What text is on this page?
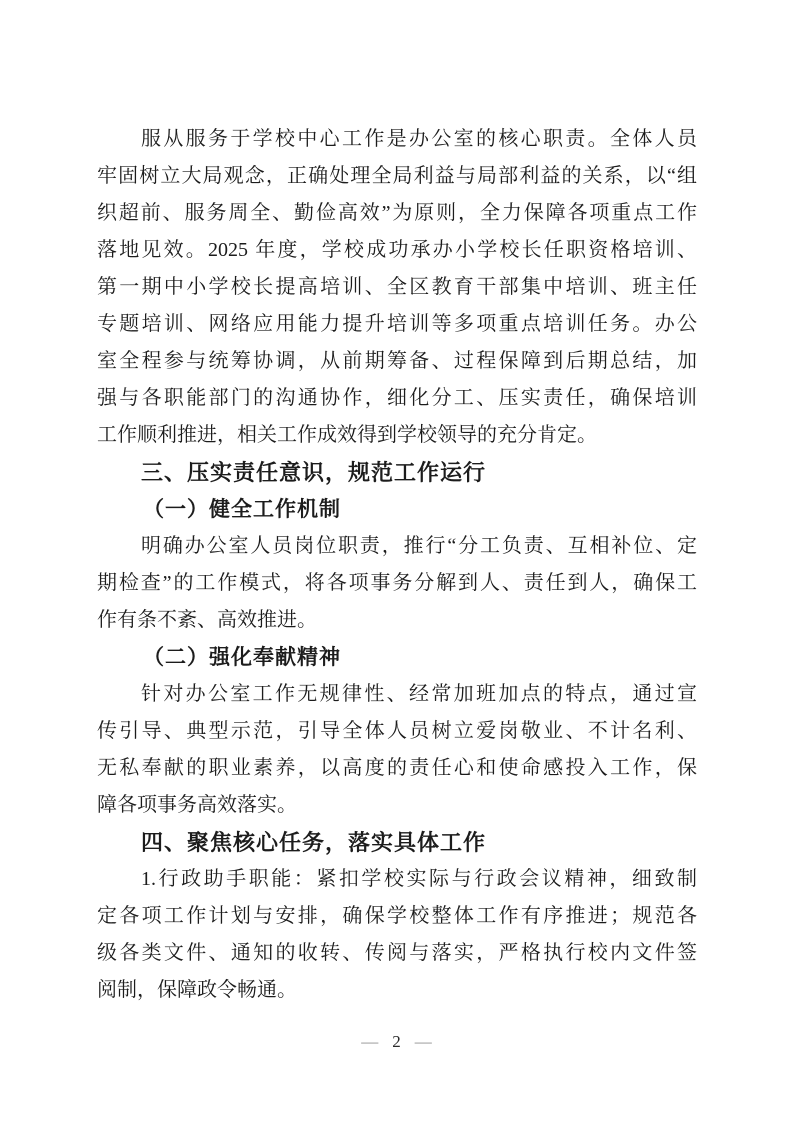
服从服务于学校中心工作是办公室的核心职责。全体人员
牢固树立大局观念，正确处理全局利益与局部利益的关系，以“组
织超前、服务周全、勤俭高效”为原则，全力保障各项重点工作
落地见效。2025 年度，学校成功承办小学校长任职资格培训、
第一期中小学校长提高培训、全区教育干部集中培训、班主任
专题培训、网络应用能力提升培训等多项重点培训任务。办公
室全程参与统筹协调，从前期筹备、过程保障到后期总结，加
强与各职能部门的沟通协作，细化分工、压实责任，确保培训
工作顺利推进，相关工作成效得到学校领导的充分肯定。
三、压实责任意识，规范工作运行
（一）健全工作机制
明确办公室人员岗位职责，推行“分工负责、互相补位、定
期检查”的工作模式，将各项事务分解到人、责任到人，确保工
作有条不紊、高效推进。
（二）强化奉献精神
针对办公室工作无规律性、经常加班加点的特点，通过宣
传引导、典型示范，引导全体人员树立爱岗敬业、不计名利、
无私奉献的职业素养，以高度的责任心和使命感投入工作，保
障各项事务高效落实。
四、聚焦核心任务，落实具体工作
1.行政助手职能：紧扣学校实际与行政会议精神，细致制
定各项工作计划与安排，确保学校整体工作有序推进；规范各
级各类文件、通知的收转、传阅与落实，严格执行校内文件签
阅制，保障政令畅通。
— 2 —
